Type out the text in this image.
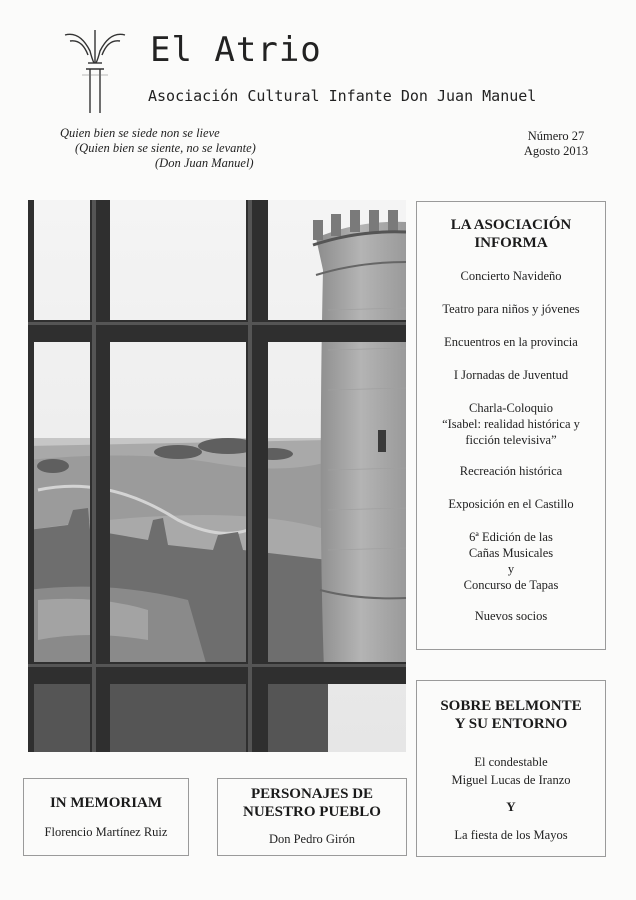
El Atrio
Asociación Cultural Infante Don Juan Manuel
Quien bien se siede non se lieve
(Quien bien se siente, no se levante)
(Don Juan Manuel)
Número 27
Agosto 2013
LA ASOCIACIÓN
INFORMA
Concierto Navideño
Teatro para niños y jóvenes
Encuentros en la provincia
I Jornadas de Juventud
Charla-Coloquio
“Isabel: realidad histórica y
ficción televisiva”
Recreación histórica
Exposición en el Castillo
6ª Edición de las
Cañas Musicales
y
Concurso de Tapas
Nuevos socios
SOBRE BELMONTE
Y SU ENTORNO
El condestable
Miguel Lucas de Iranzo
Y
La fiesta de los Mayos
IN MEMORIAM
Florencio Martínez Ruiz
PERSONAJES DE
NUESTRO PUEBLO
Don Pedro Girón
